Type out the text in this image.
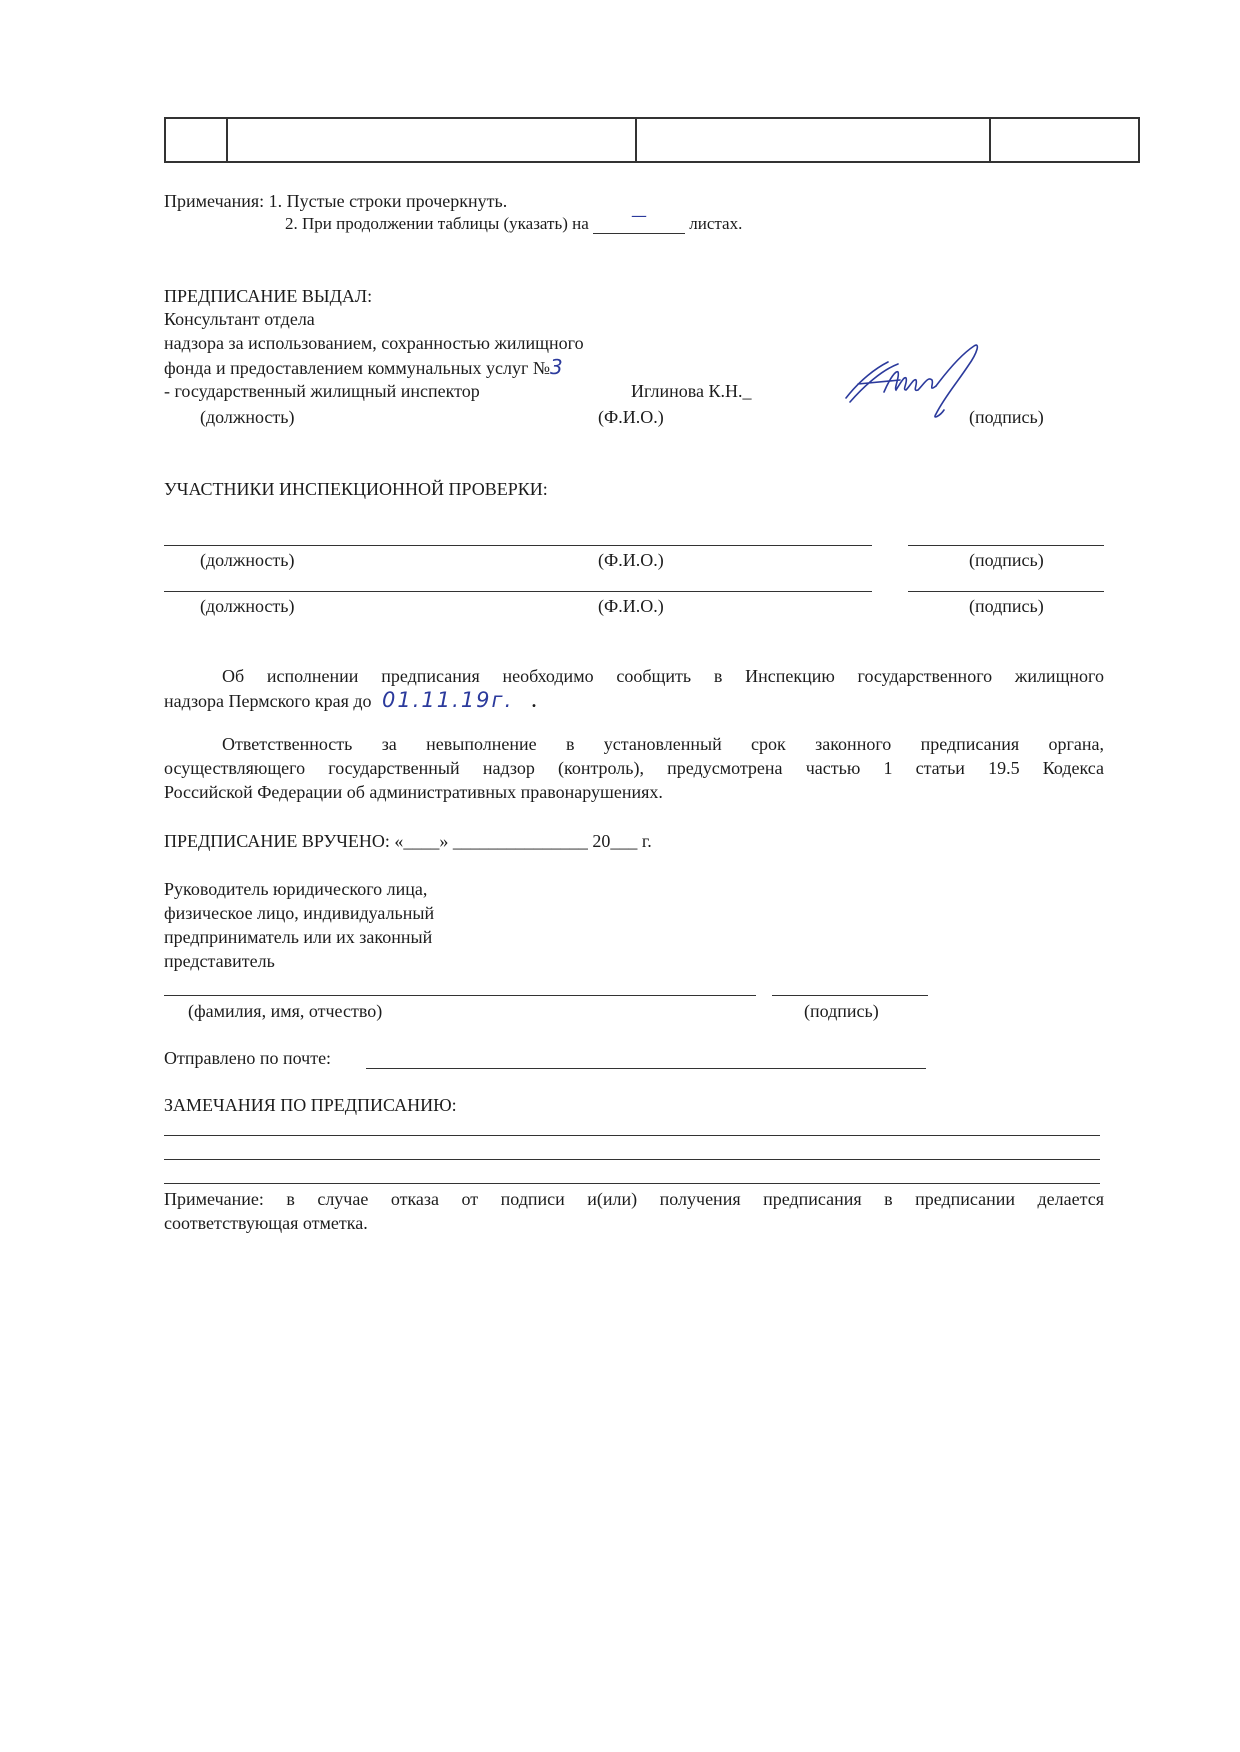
Примечания: 1. Пустые строки прочеркнуть.
2. При продолжении таблицы (указать) на	— листах.
ПРЕДПИСАНИЕ ВЫДАЛ:
Консультант отдела
надзора за использованием, сохранностью жилищного
фонда и предоставлением коммунальных услуг №3
- государственный жилищный инспектор	Иглинова К.Н._
(должность)	(Ф.И.О.)	(подпись)
УЧАСТНИКИ ИНСПЕКЦИОННОЙ ПРОВЕРКИ:
(должность)	(Ф.И.О.)	(подпись)
(должность)	(Ф.И.О.)	(подпись)
Об исполнении предписания необходимо сообщить в Инспекцию государственного жилищного
надзора Пермского края до 01.11.19г. .
Ответственность за невыполнение в установленный срок законного предписания органа,
осуществляющего государственный надзор (контроль), предусмотрена частью 1 статьи 19.5 Кодекса
Российской Федерации об административных правонарушениях.
ПРЕДПИСАНИЕ ВРУЧЕНО: «____» _______________ 20___ г.
Руководитель юридического лица,
физическое лицо, индивидуальный
предприниматель или их законный
представитель
(фамилия, имя, отчество)	(подпись)
Отправлено по почте:
ЗАМЕЧАНИЯ ПО ПРЕДПИСАНИЮ:
Примечание: в случае отказа от подписи и(или) получения предписания в предписании делается
соответствующая отметка.
